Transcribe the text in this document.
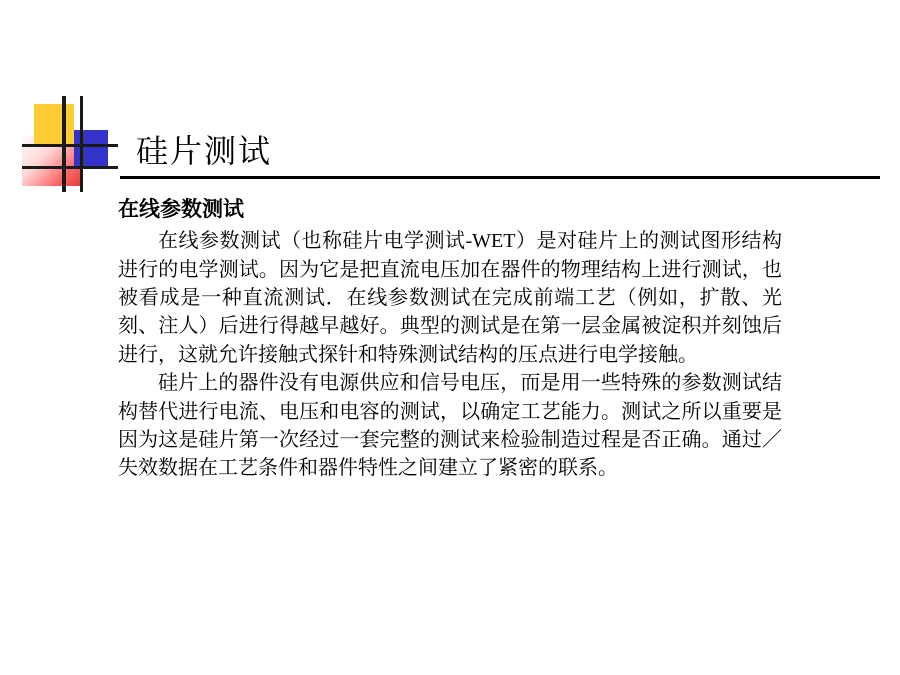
硅片测试
在线参数测试

在线参数测试（也称硅片电学测试-WET）是对硅片上的测试图形结构进行的电学测试。因为它是把直流电压加在器件的物理结构上进行测试，也被看成是一种直流测试．在线参数测试在完成前端工艺（例如，扩散、光刻、注人）后进行得越早越好。典型的测试是在第一层金属被淀积并刻蚀后进行，这就允许接触式探针和特殊测试结构的压点进行电学接触。

硅片上的器件没有电源供应和信号电压，而是用一些特殊的参数测试结构替代进行电流、电压和电容的测试，以确定工艺能力。测试之所以重要是因为这是硅片第一次经过一套完整的测试来检验制造过程是否正确。通过／失效数据在工艺条件和器件特性之间建立了紧密的联系。
